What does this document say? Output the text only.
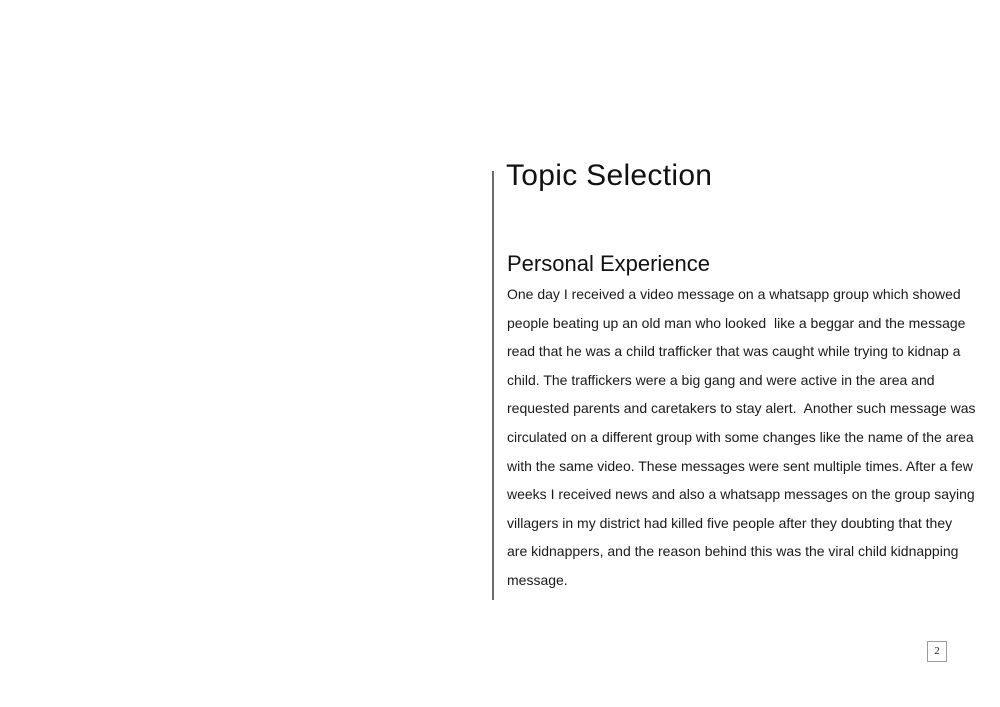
Topic Selection
Personal Experience
One day I received a video message on a whatsapp group which showed
people beating up an old man who looked  like a beggar and the message
read that he was a child trafficker that was caught while trying to kidnap a
child. The traffickers were a big gang and were active in the area and
requested parents and caretakers to stay alert.  Another such message was
circulated on a different group with some changes like the name of the area
with the same video. These messages were sent multiple times. After a few
weeks I received news and also a whatsapp messages on the group saying
villagers in my district had killed five people after they doubting that they
are kidnappers, and the reason behind this was the viral child kidnapping
message.
2
